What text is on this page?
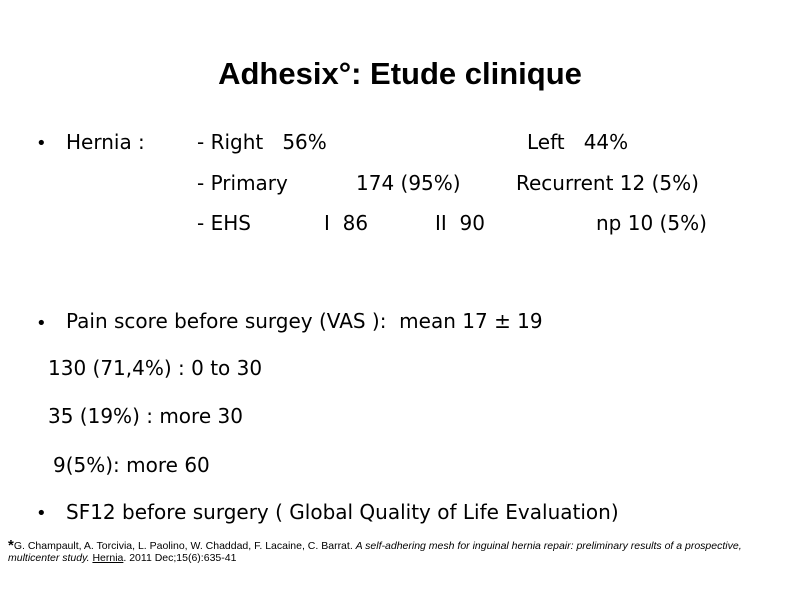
Adhesix°: Etude clinique
• Hernia :	- Right   56%	Left   44%
- Primary	174 (95%)	Recurrent 12 (5%)
- EHS	I  86	II  90	np 10 (5%)
• Pain score before surgey (VAS ):  mean 17 ± 19
130 (71,4%) : 0 to 30
35 (19%) : more 30
9(5%): more 60
• SF12 before surgery ( Global Quality of Life Evaluation)
*G. Champault, A. Torcivia, L. Paolino, W. Chaddad, F. Lacaine, C. Barrat. A self-adhering mesh for inguinal hernia repair: preliminary results of a prospective, multicenter study. Hernia. 2011 Dec;15(6):635-41
